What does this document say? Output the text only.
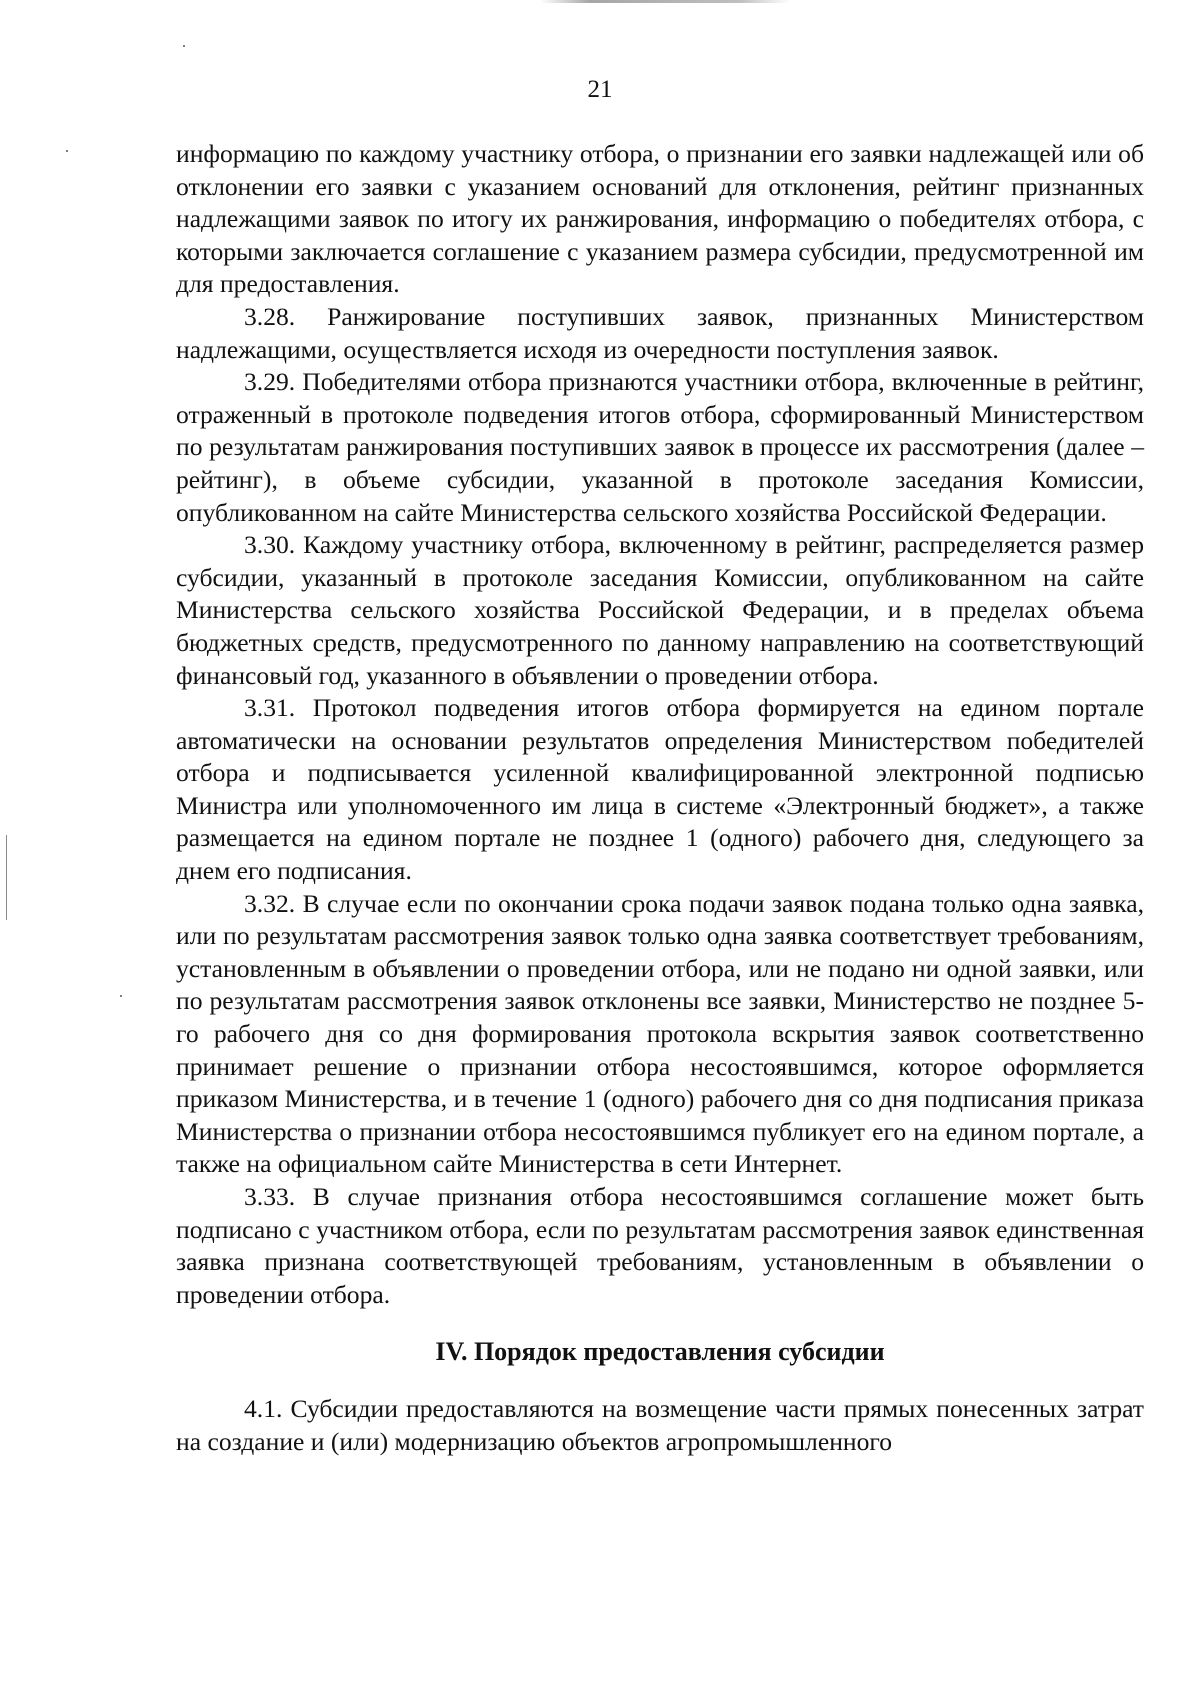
21

информацию по каждому участнику отбора, о признании его заявки надлежащей или об отклонении его заявки с указанием оснований для отклонения, рейтинг признанных надлежащими заявок по итогу их ранжирования, информацию о победителях отбора, с которыми заключается соглашение с указанием размера субсидии, предусмотренной им для предоставления.

3.28. Ранжирование поступивших заявок, признанных Министерством надлежащими, осуществляется исходя из очередности поступления заявок.

3.29. Победителями отбора признаются участники отбора, включенные в рейтинг, отраженный в протоколе подведения итогов отбора, сформированный Министерством по результатам ранжирования поступивших заявок в процессе их рассмотрения (далее – рейтинг), в объеме субсидии, указанной в протоколе заседания Комиссии, опубликованном на сайте Министерства сельского хозяйства Российской Федерации.

3.30. Каждому участнику отбора, включенному в рейтинг, распределяется размер субсидии, указанный в протоколе заседания Комиссии, опубликованном на сайте Министерства сельского хозяйства Российской Федерации, и в пределах объема бюджетных средств, предусмотренного по данному направлению на соответствующий финансовый год, указанного в объявлении о проведении отбора.

3.31. Протокол подведения итогов отбора формируется на едином портале автоматически на основании результатов определения Министерством победителей отбора и подписывается усиленной квалифицированной электронной подписью Министра или уполномоченного им лица в системе «Электронный бюджет», а также размещается на едином портале не позднее 1 (одного) рабочего дня, следующего за днем его подписания.

3.32. В случае если по окончании срока подачи заявок подана только одна заявка, или по результатам рассмотрения заявок только одна заявка соответствует требованиям, установленным в объявлении о проведении отбора, или не подано ни одной заявки, или по результатам рассмотрения заявок отклонены все заявки, Министерство не позднее 5-го рабочего дня со дня формирования протокола вскрытия заявок соответственно принимает решение о признании отбора несостоявшимся, которое оформляется приказом Министерства, и в течение 1 (одного) рабочего дня со дня подписания приказа Министерства о признании отбора несостоявшимся публикует его на едином портале, а также на официальном сайте Министерства в сети Интернет.

3.33. В случае признания отбора несостоявшимся соглашение может быть подписано с участником отбора, если по результатам рассмотрения заявок единственная заявка признана соответствующей требованиям, установленным в объявлении о проведении отбора.

IV. Порядок предоставления субсидии

4.1. Субсидии предоставляются на возмещение части прямых понесенных затрат на создание и (или) модернизацию объектов агропромышленного
